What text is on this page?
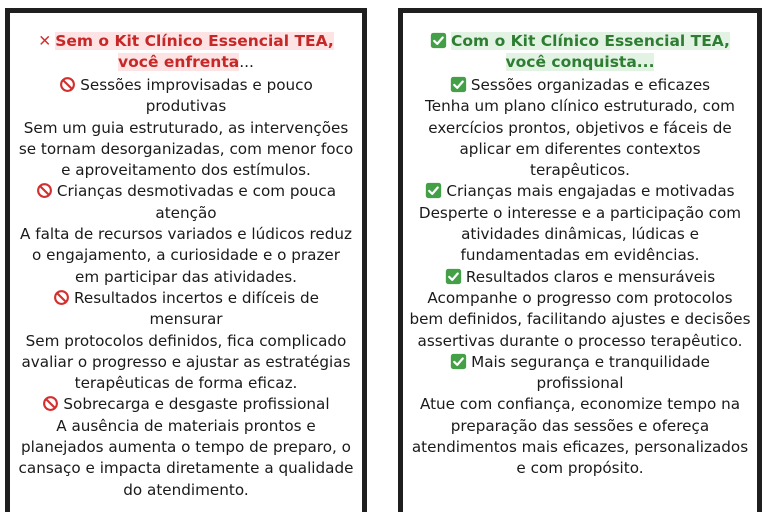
✕ Sem o Kit Clínico Essencial TEA, você enfrenta...

Sessões improvisadas e pouco produtivas

Sem um guia estruturado, as intervenções se tornam desorganizadas, com menor foco e aproveitamento dos estímulos.

Crianças desmotivadas e com pouca atenção

A falta de recursos variados e lúdicos reduz o engajamento, a curiosidade e o prazer em participar das atividades.

Resultados incertos e difíceis de mensurar

Sem protocolos definidos, fica complicado avaliar o progresso e ajustar as estratégias terapêuticas de forma eficaz.

Sobrecarga e desgaste profissional

A ausência de materiais prontos e planejados aumenta o tempo de preparo, o cansaço e impacta diretamente a qualidade do atendimento.

Com o Kit Clínico Essencial TEA, você conquista...

Sessões organizadas e eficazes

Tenha um plano clínico estruturado, com exercícios prontos, objetivos e fáceis de aplicar em diferentes contextos terapêuticos.

Crianças mais engajadas e motivadas

Desperte o interesse e a participação com atividades dinâmicas, lúdicas e fundamentadas em evidências.

Resultados claros e mensuráveis

Acompanhe o progresso com protocolos bem definidos, facilitando ajustes e decisões assertivas durante o processo terapêutico.

Mais segurança e tranquilidade profissional

Atue com confiança, economize tempo na preparação das sessões e ofereça atendimentos mais eficazes, personalizados e com propósito.
